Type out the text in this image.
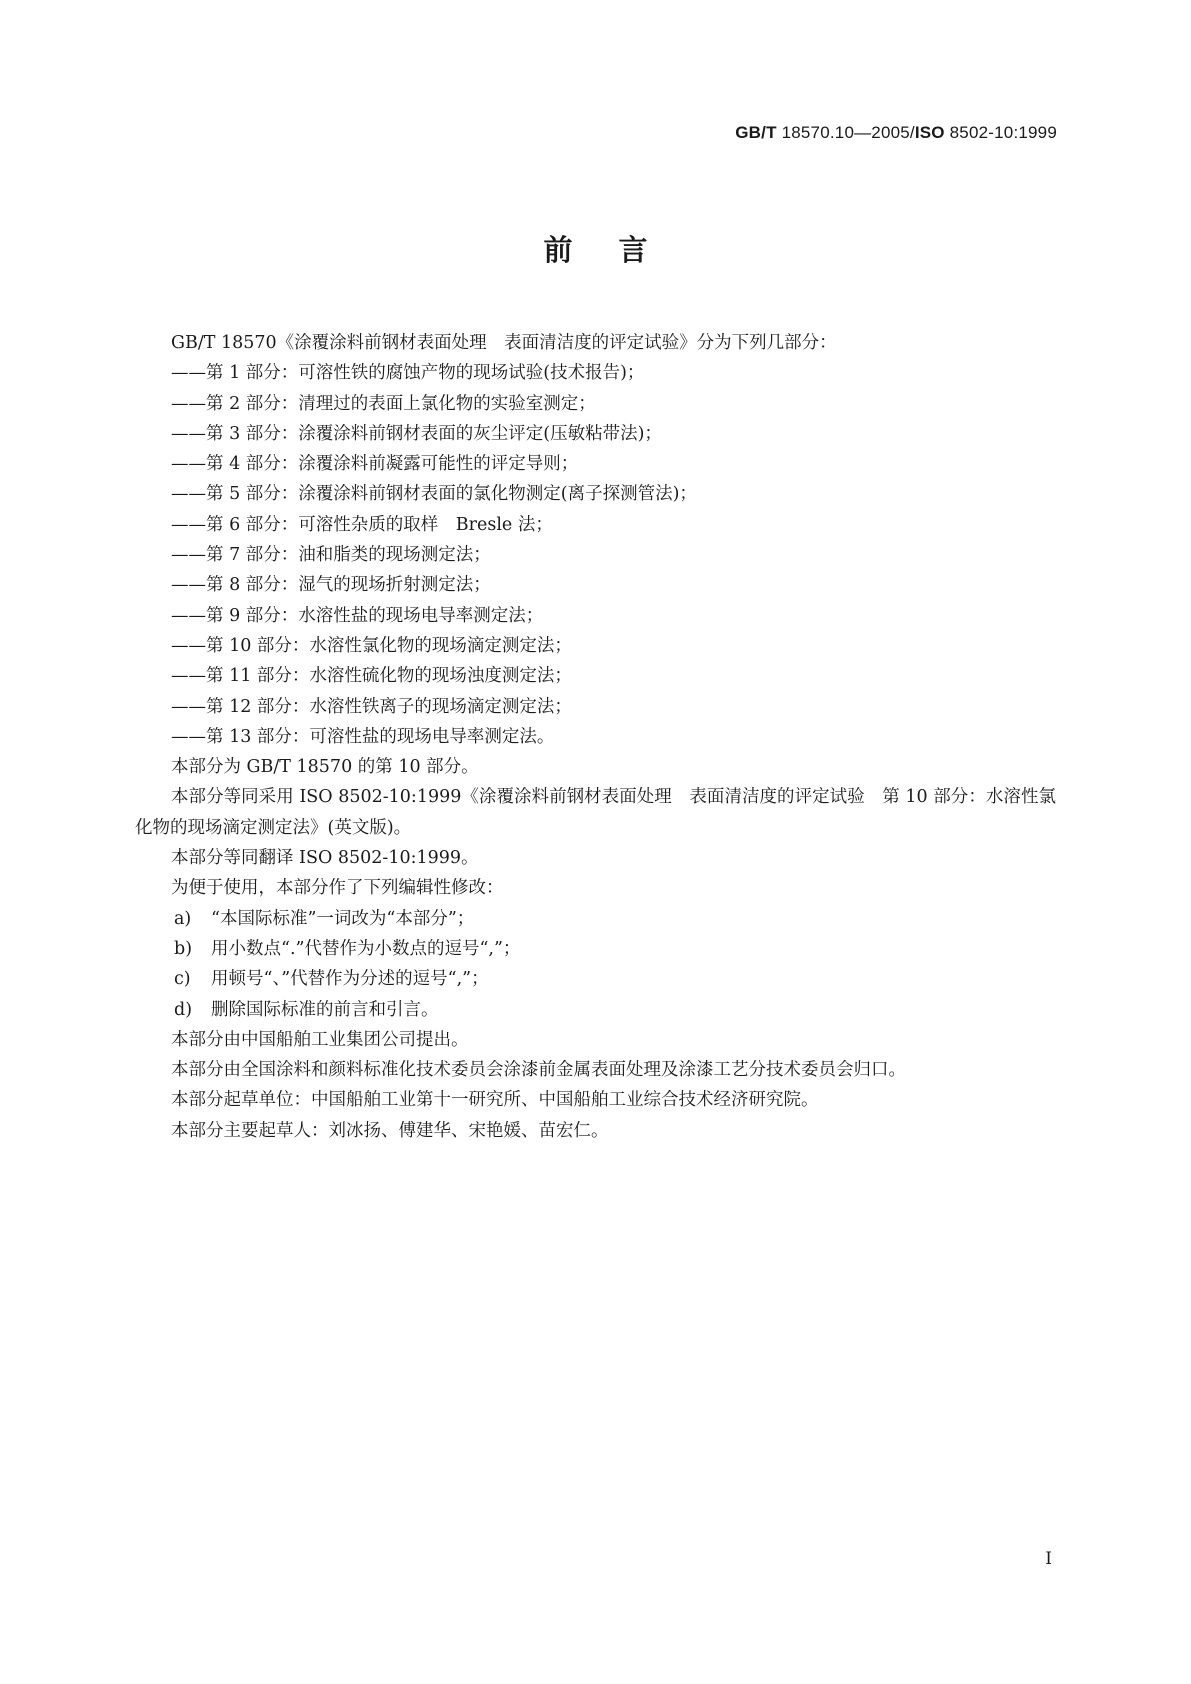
GB/T 18570.10—2005/ISO 8502-10:1999
前言

GB/T 18570《涂覆涂料前钢材表面处理　表面清洁度的评定试验》分为下列几部分：

——第 1 部分：可溶性铁的腐蚀产物的现场试验(技术报告)；

——第 2 部分：清理过的表面上氯化物的实验室测定；

——第 3 部分：涂覆涂料前钢材表面的灰尘评定(压敏粘带法)；

——第 4 部分：涂覆涂料前凝露可能性的评定导则；

——第 5 部分：涂覆涂料前钢材表面的氯化物测定(离子探测管法)；

——第 6 部分：可溶性杂质的取样　Bresle 法；

——第 7 部分：油和脂类的现场测定法；

——第 8 部分：湿气的现场折射测定法；

——第 9 部分：水溶性盐的现场电导率测定法；

——第 10 部分：水溶性氯化物的现场滴定测定法；

——第 11 部分：水溶性硫化物的现场浊度测定法；

——第 12 部分：水溶性铁离子的现场滴定测定法；

——第 13 部分：可溶性盐的现场电导率测定法。

本部分为 GB/T 18570 的第 10 部分。

本部分等同采用 ISO 8502-10:1999《涂覆涂料前钢材表面处理　表面清洁度的评定试验　第 10 部分：水溶性氯化物的现场滴定测定法》(英文版)。

本部分等同翻译 ISO 8502-10:1999。

为便于使用，本部分作了下列编辑性修改：

a) “本国际标准”一词改为“本部分”；

b) 用小数点“.”代替作为小数点的逗号“,”；

c) 用顿号“、”代替作为分述的逗号“,”；

d) 删除国际标准的前言和引言。

本部分由中国船舶工业集团公司提出。

本部分由全国涂料和颜料标准化技术委员会涂漆前金属表面处理及涂漆工艺分技术委员会归口。

本部分起草单位：中国船舶工业第十一研究所、中国船舶工业综合技术经济研究院。

本部分主要起草人：刘冰扬、傅建华、宋艳媛、苗宏仁。

I
